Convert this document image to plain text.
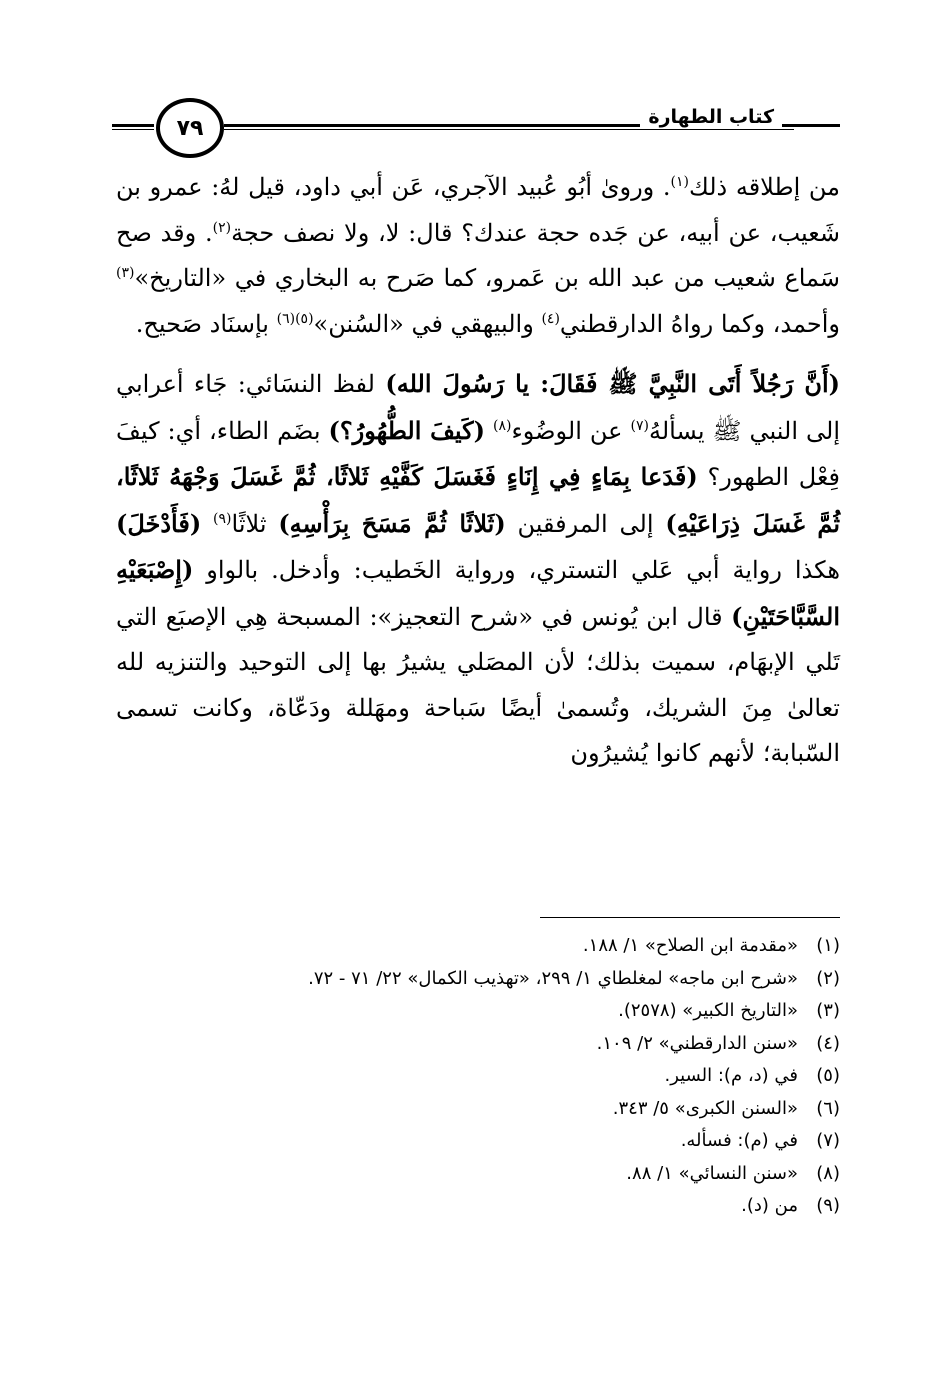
كتاب الطهارة
٧٩

من إطلاقه ذلك$^{(١)}$. وروىٰ أبُو عُبيد الآجري، عَن أبي داود، قيل لهُ: عمرو بن شَعيب، عن أبيه، عن جَده حجة عندك؟ قال: لا، ولا نصف حجة$^{(٢)}$. وقد صح سَماع شعيب من عبد الله بن عَمرو، كما صَرح به البخاري في «التاريخ»$^{(٣)}$ وأحمد، وكما رواهُ الدارقطني$^{(٤)}$ والبيهقي في «السُنن»$^{(٥)(٦)}$ بإسنَاد صَحيح.

(أَنَّ رَجُلاً أَتَى النَّبِيَّ ﷺ فَقَالَ: يا رَسُولَ الله) لفظ النسَائي: جَاء أعرابي إلى النبي ﷺ يسألهُ$^{(٧)}$ عن الوضُوء$^{(٨)}$ (كَيفَ الطُّهُورُ؟) بضَم الطاء، أي: كيفَ فِعْل الطهور؟ (فَدَعا بِمَاءٍ فِي إِنَاءٍ فَغَسَلَ كَفَّيْهِ ثَلاثًا، ثُمَّ غَسَلَ وَجْهَهُ ثَلاثًا، ثُمَّ غَسَلَ ذِرَاعَيْهِ) إلى المرفقين (ثَلاثًا ثُمَّ مَسَحَ بِرَأْسِهِ) ثلاثًا$^{(٩)}$ (فَأَدْخَلَ) هكذا رواية أبي عَلي التستري، ورواية الخَطيب: وأدخل. بالواو (إِصْبَعَيْهِ السَّبَّاحَتَيْنِ) قال ابن يُونس في «شرح التعجيز»: المسبحة هِي الإصبَع التي تَلي الإبهَام، سميت بذلك؛ لأن المصَلي يشيرُ بها إلى التوحيد والتنزيه لله تعالىٰ مِنَ الشريك، وتُسمىٰ أيضًا سَباحة ومهَللة ودَعّاة، وكانت تسمى السّبابة؛ لأنهم كانوا يُشيرُون

(١)
«مقدمة ابن الصلاح» ١/ ١٨٨.
(٢)
«شرح ابن ماجه» لمغلطاي ١/ ٢٩٩، «تهذيب الكمال» ٢٢/ ٧١ - ٧٢.
(٣)
«التاريخ الكبير» (٢٥٧٨).
(٤)
«سنن الدارقطني» ٢/ ١٠٩.
(٥)
في (د، م): السير.
(٦)
«السنن الكبرى» ٥/ ٣٤٣.
(٧)
في (م): فسأله.
(٨)
«سنن النسائي» ١/ ٨٨.
(٩)
من (د).
